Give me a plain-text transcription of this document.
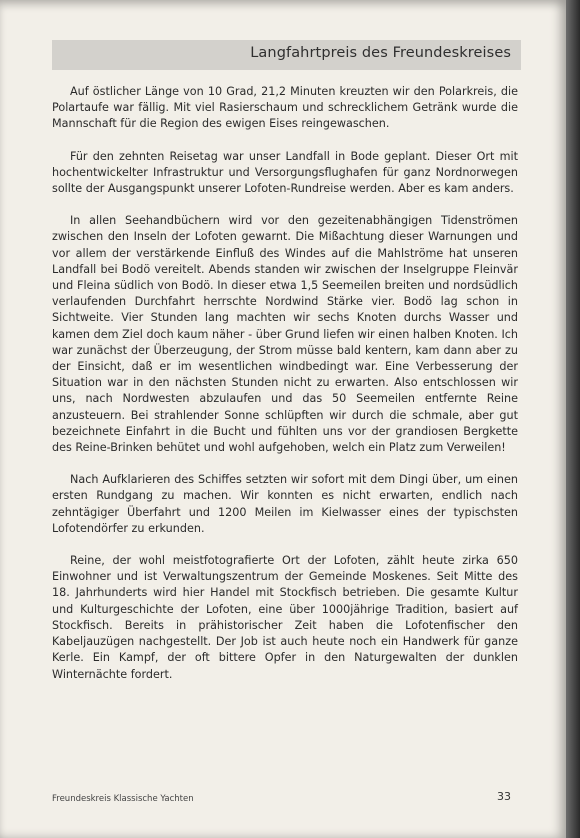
Langfahrtpreis des Freundeskreises

Auf östlicher Länge von 10 Grad, 21,2 Minuten kreuzten wir den Polarkreis, die Polartaufe war fällig. Mit viel Rasierschaum und schrecklichem Getränk wurde die Mannschaft für die Region des ewigen Eises reingewaschen.

Für den zehnten Reisetag war unser Landfall in Bode geplant. Dieser Ort mit hochentwickelter Infrastruktur und Versorgungsflughafen für ganz Nordnorwegen sollte der Ausgangspunkt unserer Lofoten-Rundreise werden. Aber es kam anders.

In allen Seehandbüchern wird vor den gezeitenabhängigen Tidenströmen zwischen den Inseln der Lofoten gewarnt. Die Mißachtung dieser Warnungen und vor allem der verstärkende Einfluß des Windes auf die Mahlströme hat unseren Landfall bei Bodö vereitelt. Abends standen wir zwischen der Inselgruppe Fleinvär und Fleina südlich von Bodö. In dieser etwa 1,5 Seemeilen breiten und nordsüdlich verlaufenden Durchfahrt herrschte Nordwind Stärke vier. Bodö lag schon in Sichtweite. Vier Stunden lang machten wir sechs Knoten durchs Wasser und kamen dem Ziel doch kaum näher - über Grund liefen wir einen halben Knoten. Ich war zunächst der Überzeugung, der Strom müsse bald kentern, kam dann aber zu der Einsicht, daß er im wesentlichen windbedingt war. Eine Verbesserung der Situation war in den nächsten Stunden nicht zu erwarten. Also entschlossen wir uns, nach Nordwesten abzulaufen und das 50 Seemeilen entfernte Reine anzusteuern. Bei strahlender Sonne schlüpften wir durch die schmale, aber gut bezeichnete Einfahrt in die Bucht und fühlten uns vor der grandiosen Bergkette des Reine-Brinken behütet und wohl aufgehoben, welch ein Platz zum Verweilen!

Nach Aufklarieren des Schiffes setzten wir sofort mit dem Dingi über, um einen ersten Rundgang zu machen. Wir konnten es nicht erwarten, endlich nach zehntägiger Überfahrt und 1200 Meilen im Kielwasser eines der typischsten Lofotendörfer zu erkunden.

Reine, der wohl meistfotografierte Ort der Lofoten, zählt heute zirka 650 Einwohner und ist Verwaltungszentrum der Gemeinde Moskenes. Seit Mitte des 18. Jahrhunderts wird hier Handel mit Stockfisch betrieben. Die gesamte Kultur und Kulturgeschichte der Lofoten, eine über 1000jährige Tradition, basiert auf Stockfisch. Bereits in prähistorischer Zeit haben die Lofotenfischer den Kabeljauzügen nachgestellt. Der Job ist auch heute noch ein Handwerk für ganze Kerle. Ein Kampf, der oft bittere Opfer in den Naturgewalten der dunklen Winternächte fordert.

Freundeskreis Klassische Yachten	33
